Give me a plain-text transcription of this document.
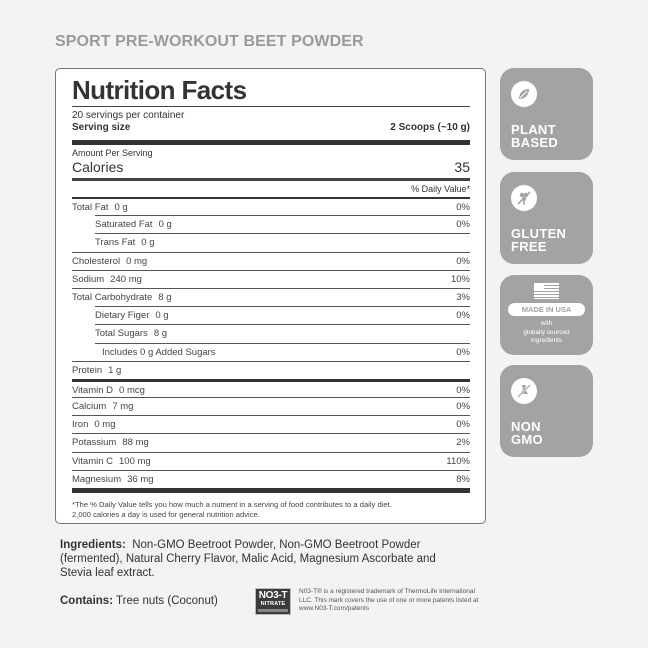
SPORT PRE-WORKOUT BEET POWDER
Nutrition Facts
20 servings per container
Serving size	2 Scoops (~10 g)
Amount Per Serving
Calories	35
% Daily Value*
Total Fat 0 g	0%
Saturated Fat 0 g	0%
Trans Fat 0 g
Cholesterol 0 mg	0%
Sodium 240 mg	10%
Total Carbohydrate 8 g	3%
Dietary Figer 0 g	0%
Total Sugars 8 g
Includes 0 g Added Sugars	0%
Protein 1 g
Vitamin D 0 mcg	0%
Calcium 7 mg	0%
Iron 0 mg	0%
Potassium 88 mg	2%
Vitamin C 100 mg	110%
Magnesium 36 mg	8%
*The % Daily Value tells you how much a nutrient in a serving of food contributes to a daily diet. 2,000 calories a day is used for general nutrition advice.
PLANT
BASED
GLUTEN
FREE
MADE IN USA
with
globally sourced
ingredients
NON
GMO
Ingredients: Non-GMO Beetroot Powder, Non-GMO Beetroot Powder (fermented), Natural Cherry Flavor, Malic Acid, Magnesium Ascorbate and Stevia leaf extract.
Contains: Tree nuts (Coconut)	NO3-T
NITRATE
N03-T® is a registered trademark of ThermoLife International LLC. This mark covers the use of one or more patents listed at www.N03-T.com/patents
